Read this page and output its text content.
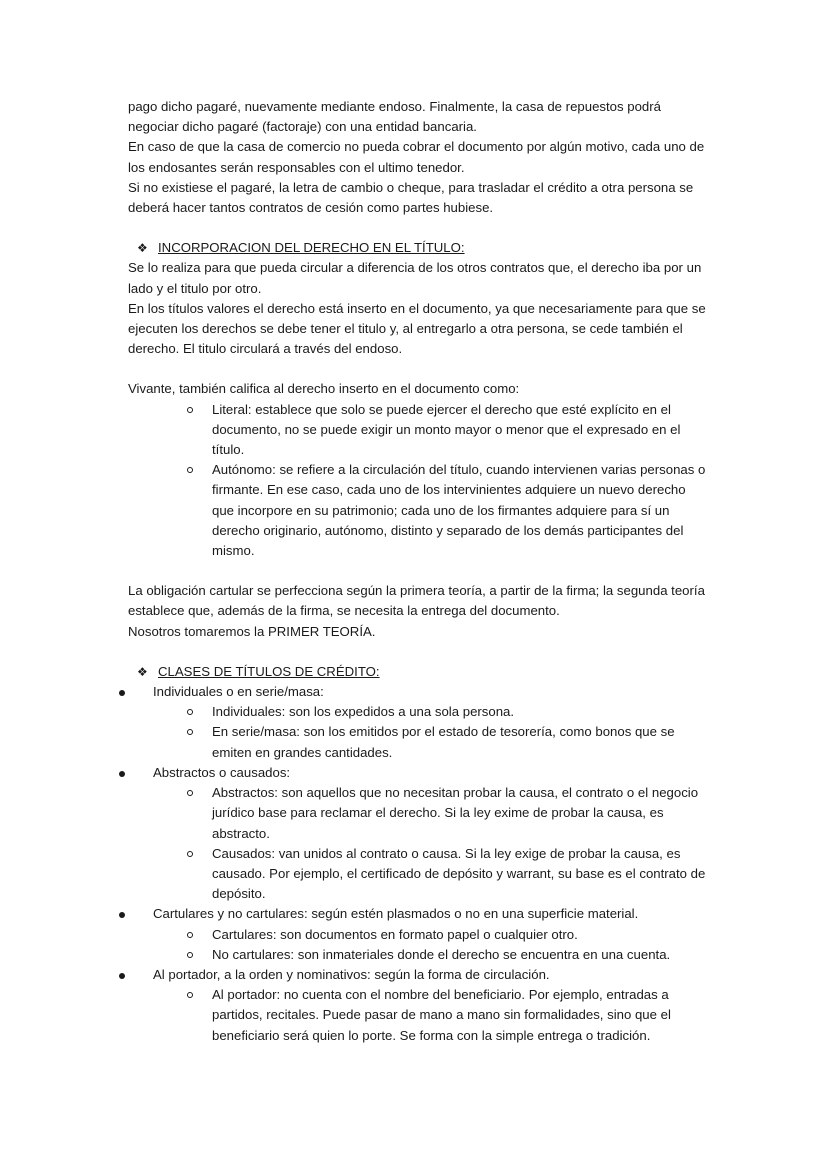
pago dicho pagaré, nuevamente mediante endoso. Finalmente, la casa de repuestos podrá negociar dicho pagaré (factoraje) con una entidad bancaria.

En caso de que la casa de comercio no pueda cobrar el documento por algún motivo, cada uno de los endosantes serán responsables con el ultimo tenedor.

Si no existiese el pagaré, la letra de cambio o cheque, para trasladar el crédito a otra persona se deberá hacer tantos contratos de cesión como partes hubiese.

❖ INCORPORACION DEL DERECHO EN EL TÍTULO:

Se lo realiza para que pueda circular a diferencia de los otros contratos que, el derecho iba por un lado y el titulo por otro.

En los títulos valores el derecho está inserto en el documento, ya que necesariamente para que se ejecuten los derechos se debe tener el titulo y, al entregarlo a otra persona, se cede también el derecho. El titulo circulará a través del endoso.

Vivante, también califica al derecho inserto en el documento como:

Literal: establece que solo se puede ejercer el derecho que esté explícito en el documento, no se puede exigir un monto mayor o menor que el expresado en el título.
Autónomo: se refiere a la circulación del título, cuando intervienen varias personas o firmante. En ese caso, cada uno de los intervinientes adquiere un nuevo derecho que incorpore en su patrimonio; cada uno de los firmantes adquiere para sí un derecho originario, autónomo, distinto y separado de los demás participantes del mismo.

La obligación cartular se perfecciona según la primera teoría, a partir de la firma; la segunda teoría establece que, además de la firma, se necesita la entrega del documento.

Nosotros tomaremos la PRIMER TEORÍA.

❖ CLASES DE TÍTULOS DE CRÉDITO:
Individuales o en serie/masa:
Individuales: son los expedidos a una sola persona.
En serie/masa: son los emitidos por el estado de tesorería, como bonos que se emiten en grandes cantidades.
Abstractos o causados:
Abstractos: son aquellos que no necesitan probar la causa, el contrato o el negocio jurídico base para reclamar el derecho. Si la ley exime de probar la causa, es abstracto.
Causados: van unidos al contrato o causa. Si la ley exige de probar la causa, es causado. Por ejemplo, el certificado de depósito y warrant, su base es el contrato de depósito.
Cartulares y no cartulares: según estén plasmados o no en una superficie material.
Cartulares: son documentos en formato papel o cualquier otro.
No cartulares: son inmateriales donde el derecho se encuentra en una cuenta.
Al portador, a la orden y nominativos: según la forma de circulación.
Al portador: no cuenta con el nombre del beneficiario. Por ejemplo, entradas a partidos, recitales. Puede pasar de mano a mano sin formalidades, sino que el beneficiario será quien lo porte. Se forma con la simple entrega o tradición.
